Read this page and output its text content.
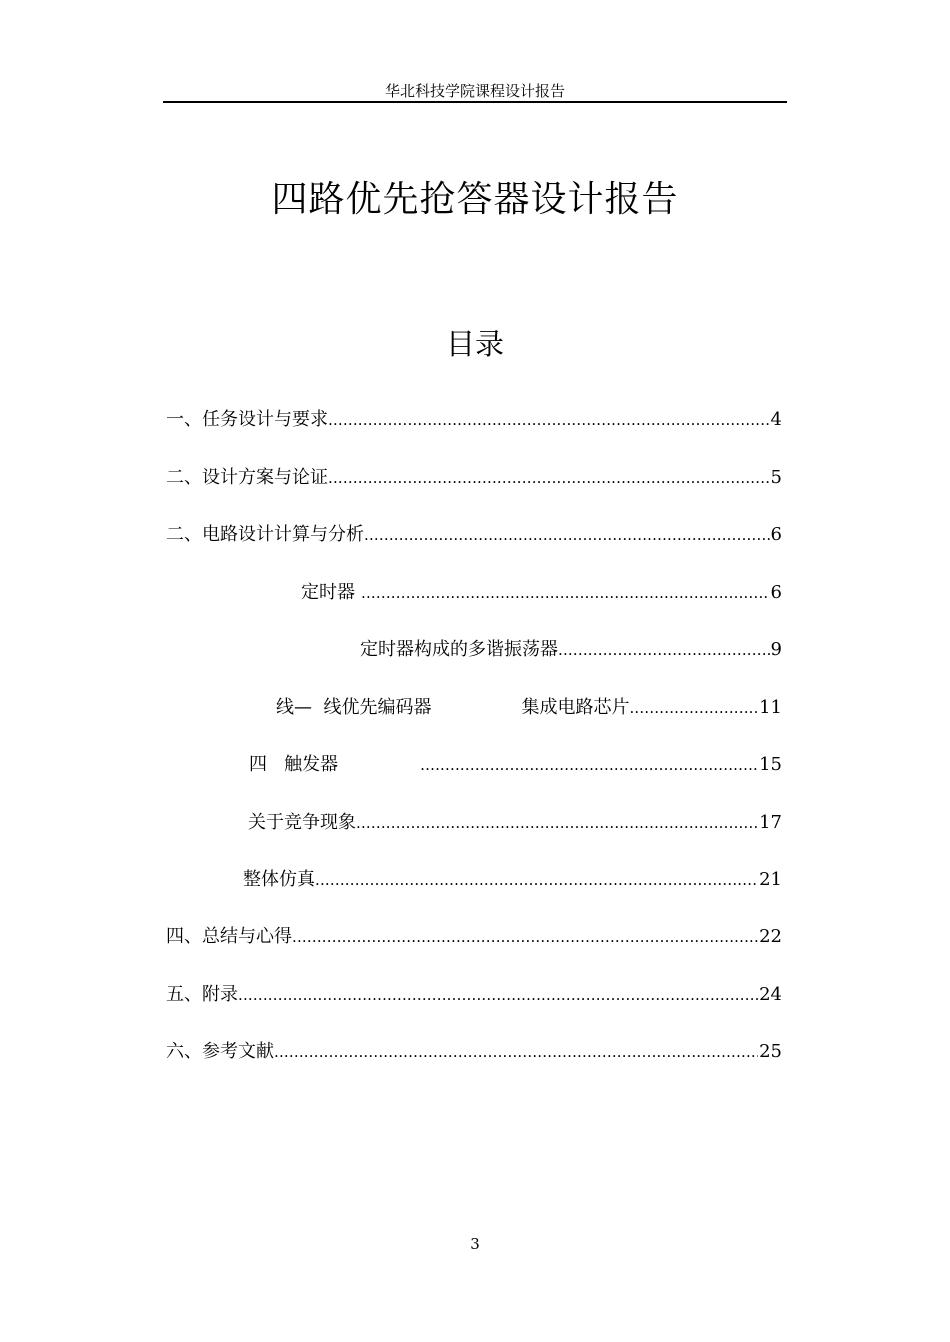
华北科技学院课程设计报告
四路优先抢答器设计报告
目录
一、任务设计与要求 .....	4
二、设计方案与论证 .....	5
二、电路设计计算与分析 .....	6
定时器 .....	6
定时器构成的多谐振荡器 .....	9
线—  线优先编码器	集成电路芯片 .....	11
四   触发器 .....	15
关于竞争现象 .....	17
整体仿真 .....	21
四、总结与心得 .....	22
五、附录 .....	24
六、参考文献 .....	25
3
